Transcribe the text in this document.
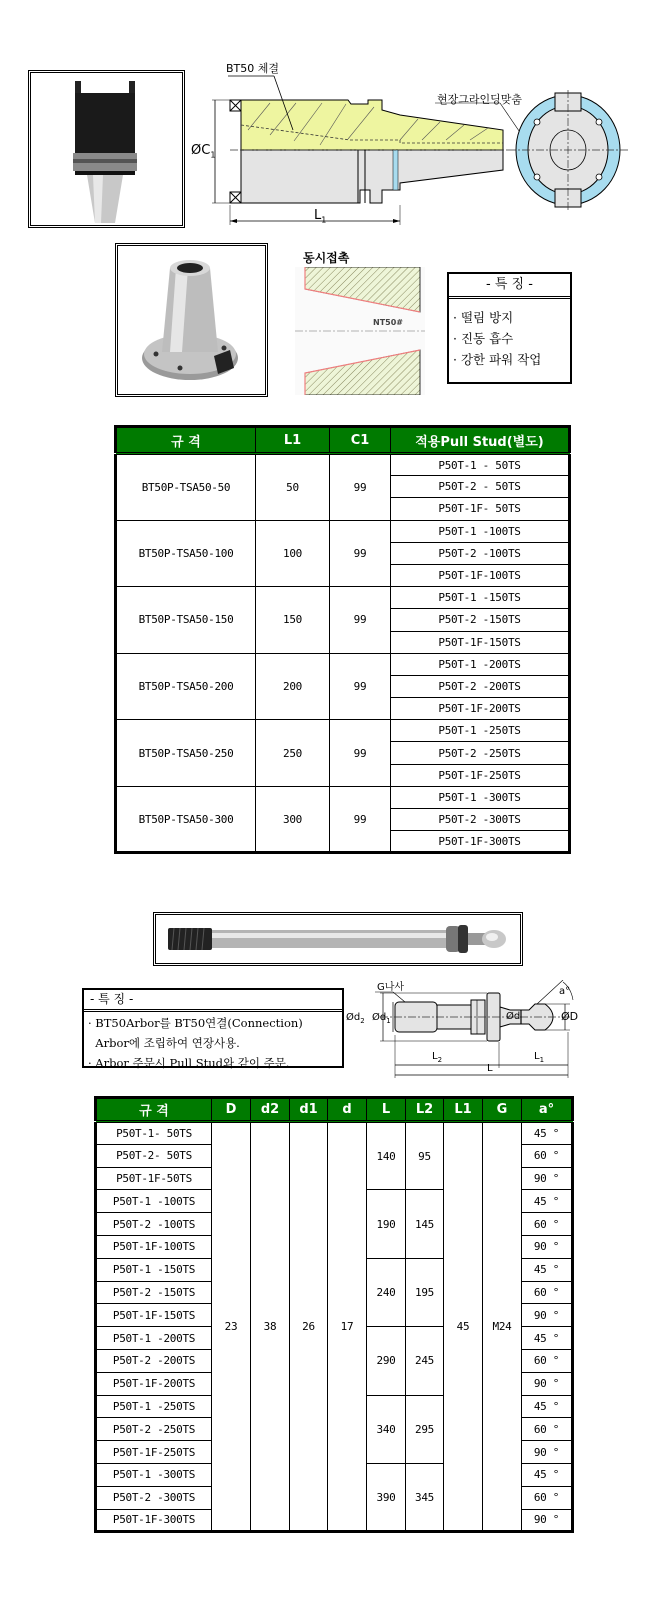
BT50 체결
현장그라인딩맞춤
$ØC_1$
$L_1$
동시접촉
NT50#
- 특 징 -
· 떨림 방지
· 진동 흡수
· 강한 파워 작업
규 격	L1	C1	적용Pull Stud(별도)
BT50P-TSA50-50	50	99	P50T-1 - 50TS
			P50T-2 - 50TS
			P50T-1F- 50TS
BT50P-TSA50-100	100	99	P50T-1 -100TS
			P50T-2 -100TS
			P50T-1F-100TS
BT50P-TSA50-150	150	99	P50T-1 -150TS
			P50T-2 -150TS
			P50T-1F-150TS
BT50P-TSA50-200	200	99	P50T-1 -200TS
			P50T-2 -200TS
			P50T-1F-200TS
BT50P-TSA50-250	250	99	P50T-1 -250TS
			P50T-2 -250TS
			P50T-1F-250TS
BT50P-TSA50-300	300	99	P50T-1 -300TS
			P50T-2 -300TS
			P50T-1F-300TS
- 특 징 -
· BT50Arbor를 BT50연결(Connection)
Arbor에 조립하여 연장사용.
· Arbor 주문시 Pull Stud와 같이 주문.
G나사
$Ød_2$ $Ød_1$	Ød	ØD
a°
$L_2$	$L_1$
L
규 격	D	d2	d1	d	L	L2	L1	G	a°
P50T-1- 50TS	23	38	26	17	140	95	45	M24	45 °
P50T-2- 50TS									60 °
P50T-1F-50TS									90 °
P50T-1 -100TS					190	145			45 °
P50T-2 -100TS									60 °
P50T-1F-100TS									90 °
P50T-1 -150TS					240	195			45 °
P50T-2 -150TS									60 °
P50T-1F-150TS									90 °
P50T-1 -200TS					290	245			45 °
P50T-2 -200TS									60 °
P50T-1F-200TS									90 °
P50T-1 -250TS					340	295			45 °
P50T-2 -250TS									60 °
P50T-1F-250TS									90 °
P50T-1 -300TS					390	345			45 °
P50T-2 -300TS									60 °
P50T-1F-300TS									90 °
